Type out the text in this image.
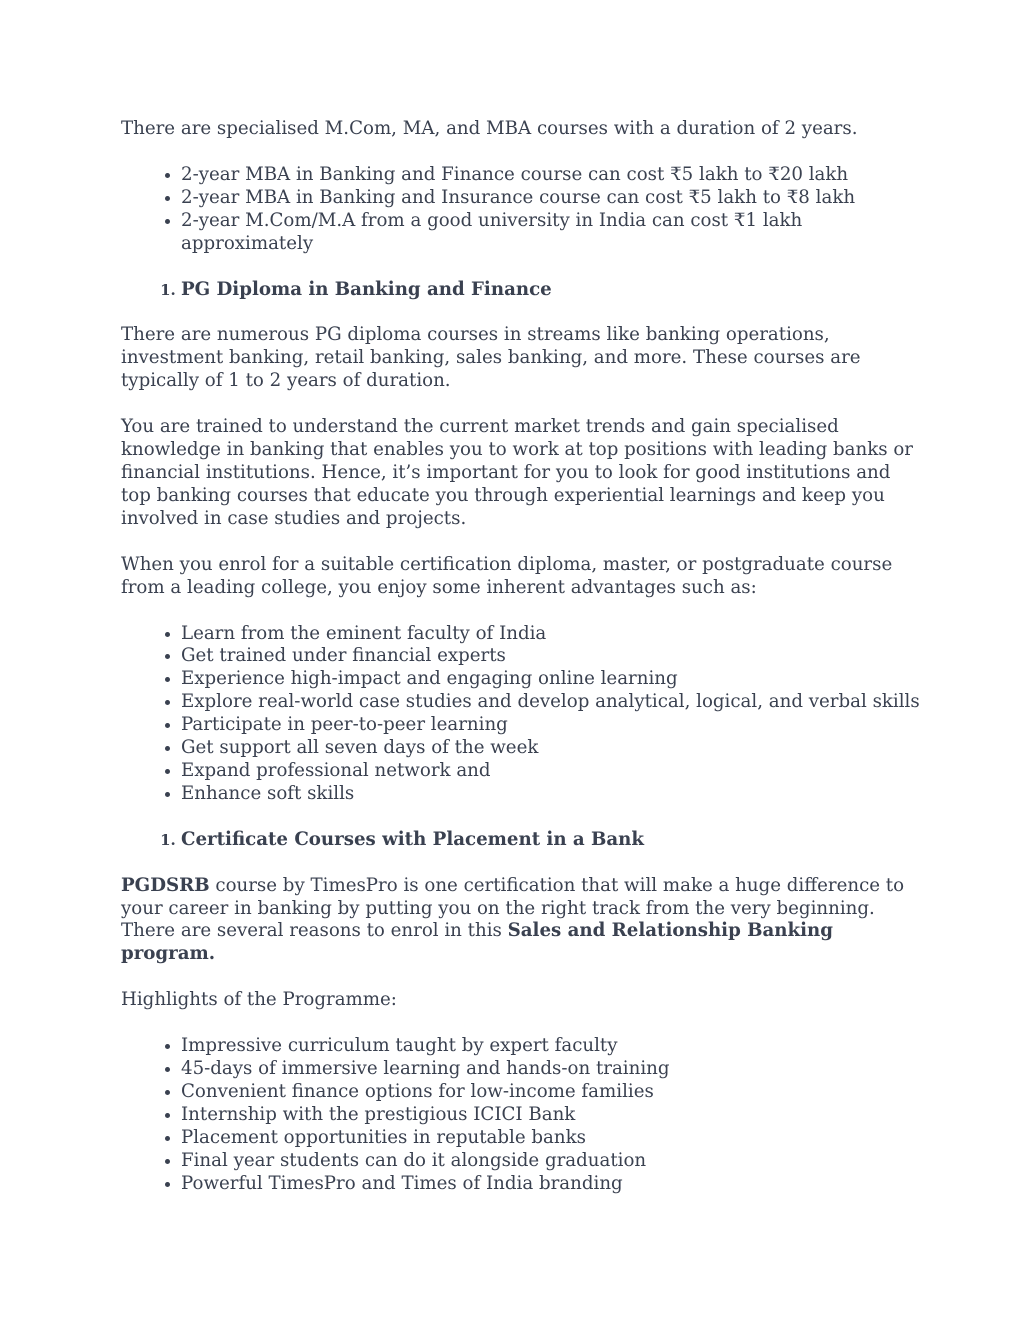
There are specialised M.Com, MA, and MBA courses with a duration of 2 years.

• 2-year MBA in Banking and Finance course can cost ₹5 lakh to ₹20 lakh
• 2-year MBA in Banking and Insurance course can cost ₹5 lakh to ₹8 lakh
• 2-year M.Com/M.A from a good university in India can cost ₹1 lakh approximately
1. PG Diploma in Banking and Finance

There are numerous PG diploma courses in streams like banking operations, investment banking, retail banking, sales banking, and more. These courses are typically of 1 to 2 years of duration.

You are trained to understand the current market trends and gain specialised knowledge in banking that enables you to work at top positions with leading banks or financial institutions. Hence, it’s important for you to look for good institutions and top banking courses that educate you through experiential learnings and keep you involved in case studies and projects.

When you enrol for a suitable certification diploma, master, or postgraduate course from a leading college, you enjoy some inherent advantages such as:

• Learn from the eminent faculty of India
• Get trained under financial experts
• Experience high-impact and engaging online learning
• Explore real-world case studies and develop analytical, logical, and verbal skills
• Participate in peer-to-peer learning
• Get support all seven days of the week
• Expand professional network and
• Enhance soft skills
1. Certificate Courses with Placement in a Bank

PGDSRB course by TimesPro is one certification that will make a huge difference to your career in banking by putting you on the right track from the very beginning. There are several reasons to enrol in this Sales and Relationship Banking program.

Highlights of the Programme:

• Impressive curriculum taught by expert faculty
• 45-days of immersive learning and hands-on training
• Convenient finance options for low-income families
• Internship with the prestigious ICICI Bank
• Placement opportunities in reputable banks
• Final year students can do it alongside graduation
• Powerful TimesPro and Times of India branding
